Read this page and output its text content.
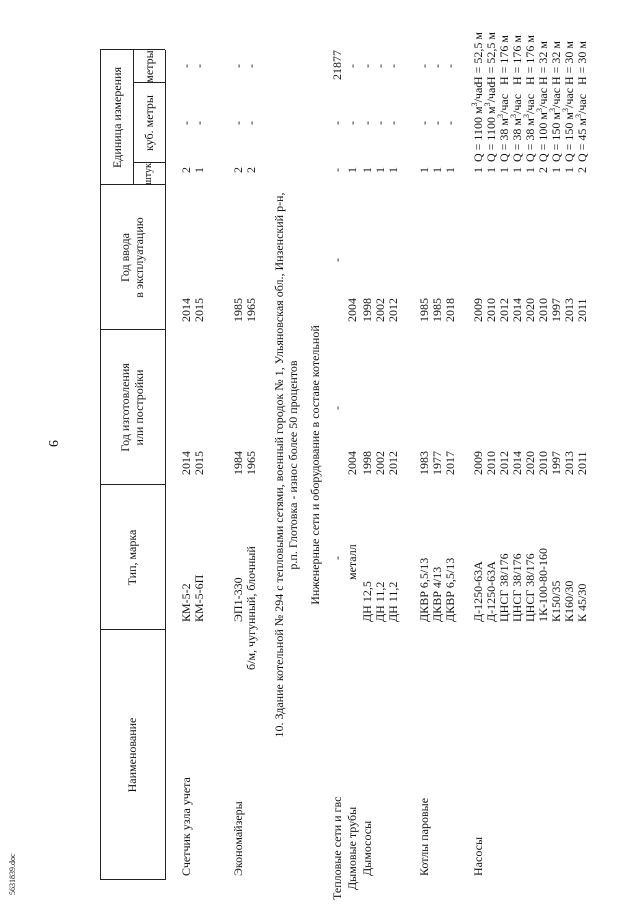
9
5631839.doc
Наименование
Тип, марка
Год изготовления или постройки
Год ввода в эксплуатацию
Единица измерения
штук
куб. метры
метры
Счетчик узла учета
КМ-5-2
2014
2014
2
-
-
КМ-5-6П
2015
2015
1
-
-
Экономайзеры
ЭП1-330
1984
1985
2
-
-
б/м, чугунный, блочный
1965
1965
2
-
-
10. Здание котельной № 294 с тепловыми сетями, военный городок № 1, Ульяновская обл., Инзенский р-н, р.п. Глотовка - износ более 50 процентов Инженерные сети и оборудование в составе котельной
Тепловые сети и гвс
-
-
-
-
-
21877
Дымовые трубы
металл
2004
2004
1
-
-
Дымососы
ДН 12,5
1998
1998
1
-
-
ДН 11,2
2002
2002
1
-
-
ДН 11,2
2012
2012
1
-
-
Котлы паровые
ДКВР 6,5/13
1983
1985
1
-
-
ДКВР 4/13
1977
1985
1
-
-
ДКВР 6,5/13
2017
2018
1
-
-
Насосы
Д-1250-63А
2009
2009
1
Q = 1100 $м^3$/час
H = 52,5 м
Д-1250-63А
2010
2010
1
Q = 1100 $м^3$/час
H = 52,5 м
ЦНСГ 38/176
2012
2012
1
Q = 38 $м^3$/час
H = 176 м
ЦНСГ 38/176
2014
2014
1
Q = 38 $м^3$/час
H = 176 м
ЦНСГ 38/176
2020
2020
1
Q = 38 $м^3$/час
H = 176 м
1К-100-80-160
2010
2010
2
Q = 100 $м^3$/час
H = 32 м
К150/35
1997
1997
1
Q = 150 $м^3$/час
H = 32 м
К160/30
2013
2013
1
Q = 150 $м^3$/час
H = 30 м
К 45/30
2011
2011
2
Q = 45 $м^3$/час
H = 30 м
